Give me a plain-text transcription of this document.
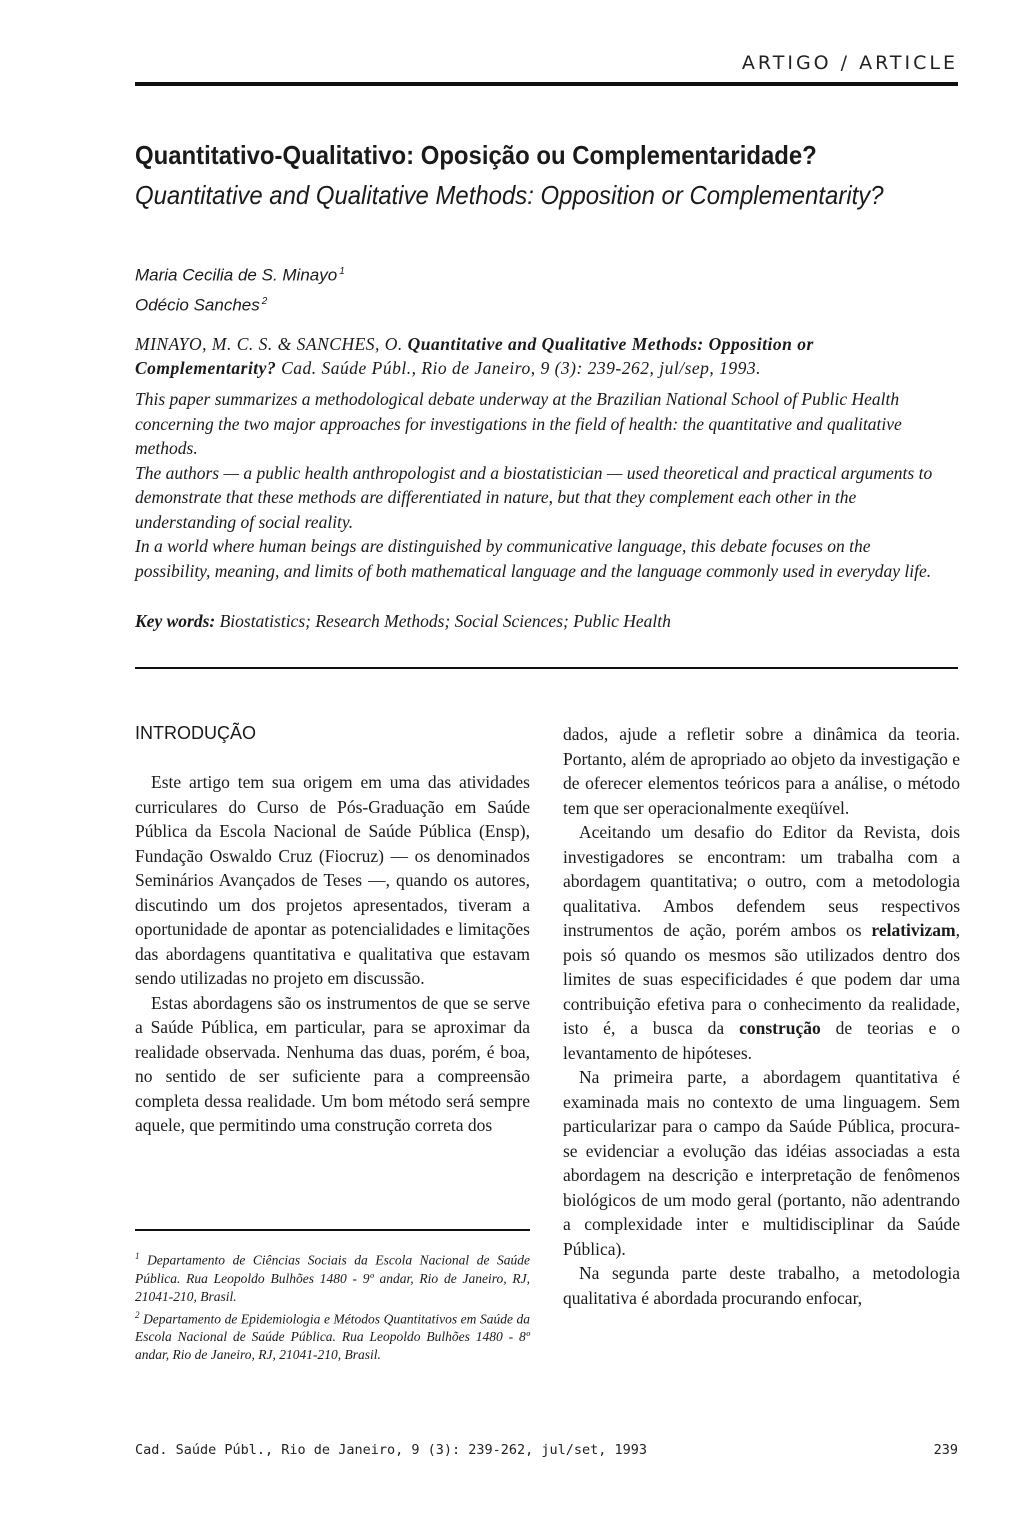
ARTIGO / ARTICLE
Quantitativo-Qualitativo: Oposição ou Complementaridade?
Quantitative and Qualitative Methods: Opposition or Complementarity?
Maria Cecilia de S. Minayo $^1$
Odécio Sanches $^2$
MINAYO, M. C. S. & SANCHES, O. Quantitative and Qualitative Methods: Opposition or Complementarity? Cad. Saúde Públ., Rio de Janeiro, 9 (3): 239-262, jul/sep, 1993.

This paper summarizes a methodological debate underway at the Brazilian National School of Public Health concerning the two major approaches for investigations in the field of health: the quantitative and qualitative methods.

The authors — a public health anthropologist and a biostatistician — used theoretical and practical arguments to demonstrate that these methods are differentiated in nature, but that they complement each other in the understanding of social reality.

In a world where human beings are distinguished by communicative language, this debate focuses on the possibility, meaning, and limits of both mathematical language and the language commonly used in everyday life.

Key words: Biostatistics; Research Methods; Social Sciences; Public Health
INTRODUÇÃO

Este artigo tem sua origem em uma das atividades curriculares do Curso de Pós-Graduação em Saúde Pública da Escola Nacional de Saúde Pública (Ensp), Fundação Oswaldo Cruz (Fiocruz) — os denominados Seminários Avançados de Teses —, quando os autores, discutindo um dos projetos apresentados, tiveram a oportunidade de apontar as potencialidades e limitações das abordagens quantitativa e qualitativa que estavam sendo utilizadas no projeto em discussão.

Estas abordagens são os instrumentos de que se serve a Saúde Pública, em particular, para se aproximar da realidade observada. Nenhuma das duas, porém, é boa, no sentido de ser suficiente para a compreensão completa dessa realidade. Um bom método será sempre aquele, que permitindo uma construção correta dos

$^1$ Departamento de Ciências Sociais da Escola Nacional de Saúde Pública. Rua Leopoldo Bulhões 1480 - 9º andar, Rio de Janeiro, RJ, 21041-210, Brasil.

$^2$ Departamento de Epidemiologia e Métodos Quantitativos em Saúde da Escola Nacional de Saúde Pública. Rua Leopoldo Bulhões 1480 - 8º andar, Rio de Janeiro, RJ, 21041-210, Brasil.

dados, ajude a refletir sobre a dinâmica da teoria. Portanto, além de apropriado ao objeto da investigação e de oferecer elementos teóricos para a análise, o método tem que ser operacionalmente exeqüível.

Aceitando um desafio do Editor da Revista, dois investigadores se encontram: um trabalha com a abordagem quantitativa; o outro, com a metodologia qualitativa. Ambos defendem seus respectivos instrumentos de ação, porém ambos os relativizam, pois só quando os mesmos são utilizados dentro dos limites de suas especificidades é que podem dar uma contribuição efetiva para o conhecimento da realidade, isto é, a busca da construção de teorias e o levantamento de hipóteses.

Na primeira parte, a abordagem quantitativa é examinada mais no contexto de uma linguagem. Sem particularizar para o campo da Saúde Pública, procura-se evidenciar a evolução das idéias associadas a esta abordagem na descrição e interpretação de fenômenos biológicos de um modo geral (portanto, não adentrando a complexidade inter e multidisciplinar da Saúde Pública).

Na segunda parte deste trabalho, a metodologia qualitativa é abordada procurando enfocar,

Cad. Saúde Públ., Rio de Janeiro, 9 (3): 239-262, jul/set, 1993	239
